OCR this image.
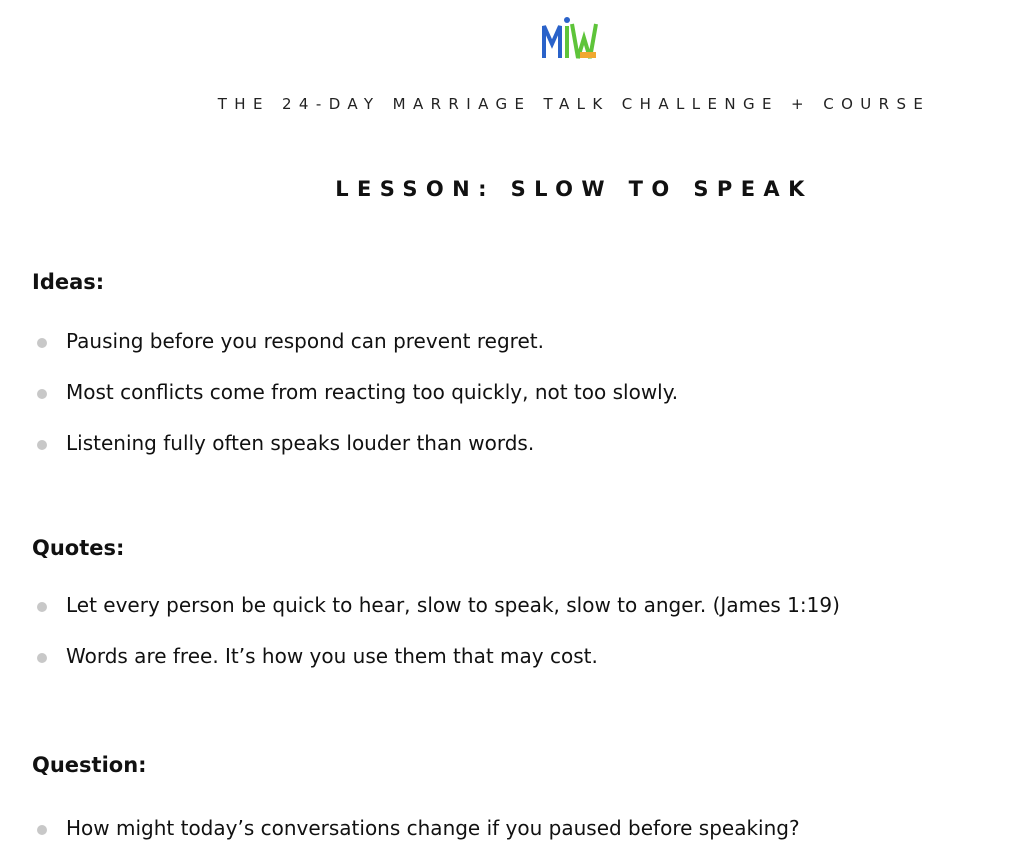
THE 24-DAY MARRIAGE TALK CHALLENGE + COURSE
LESSON: SLOW TO SPEAK
Ideas:
Pausing before you respond can prevent regret.
Most conflicts come from reacting too quickly, not too slowly.
Listening fully often speaks louder than words.
Quotes:
Let every person be quick to hear, slow to speak, slow to anger. (James 1:19)
Words are free. It’s how you use them that may cost.
Question:
How might today’s conversations change if you paused before speaking?
